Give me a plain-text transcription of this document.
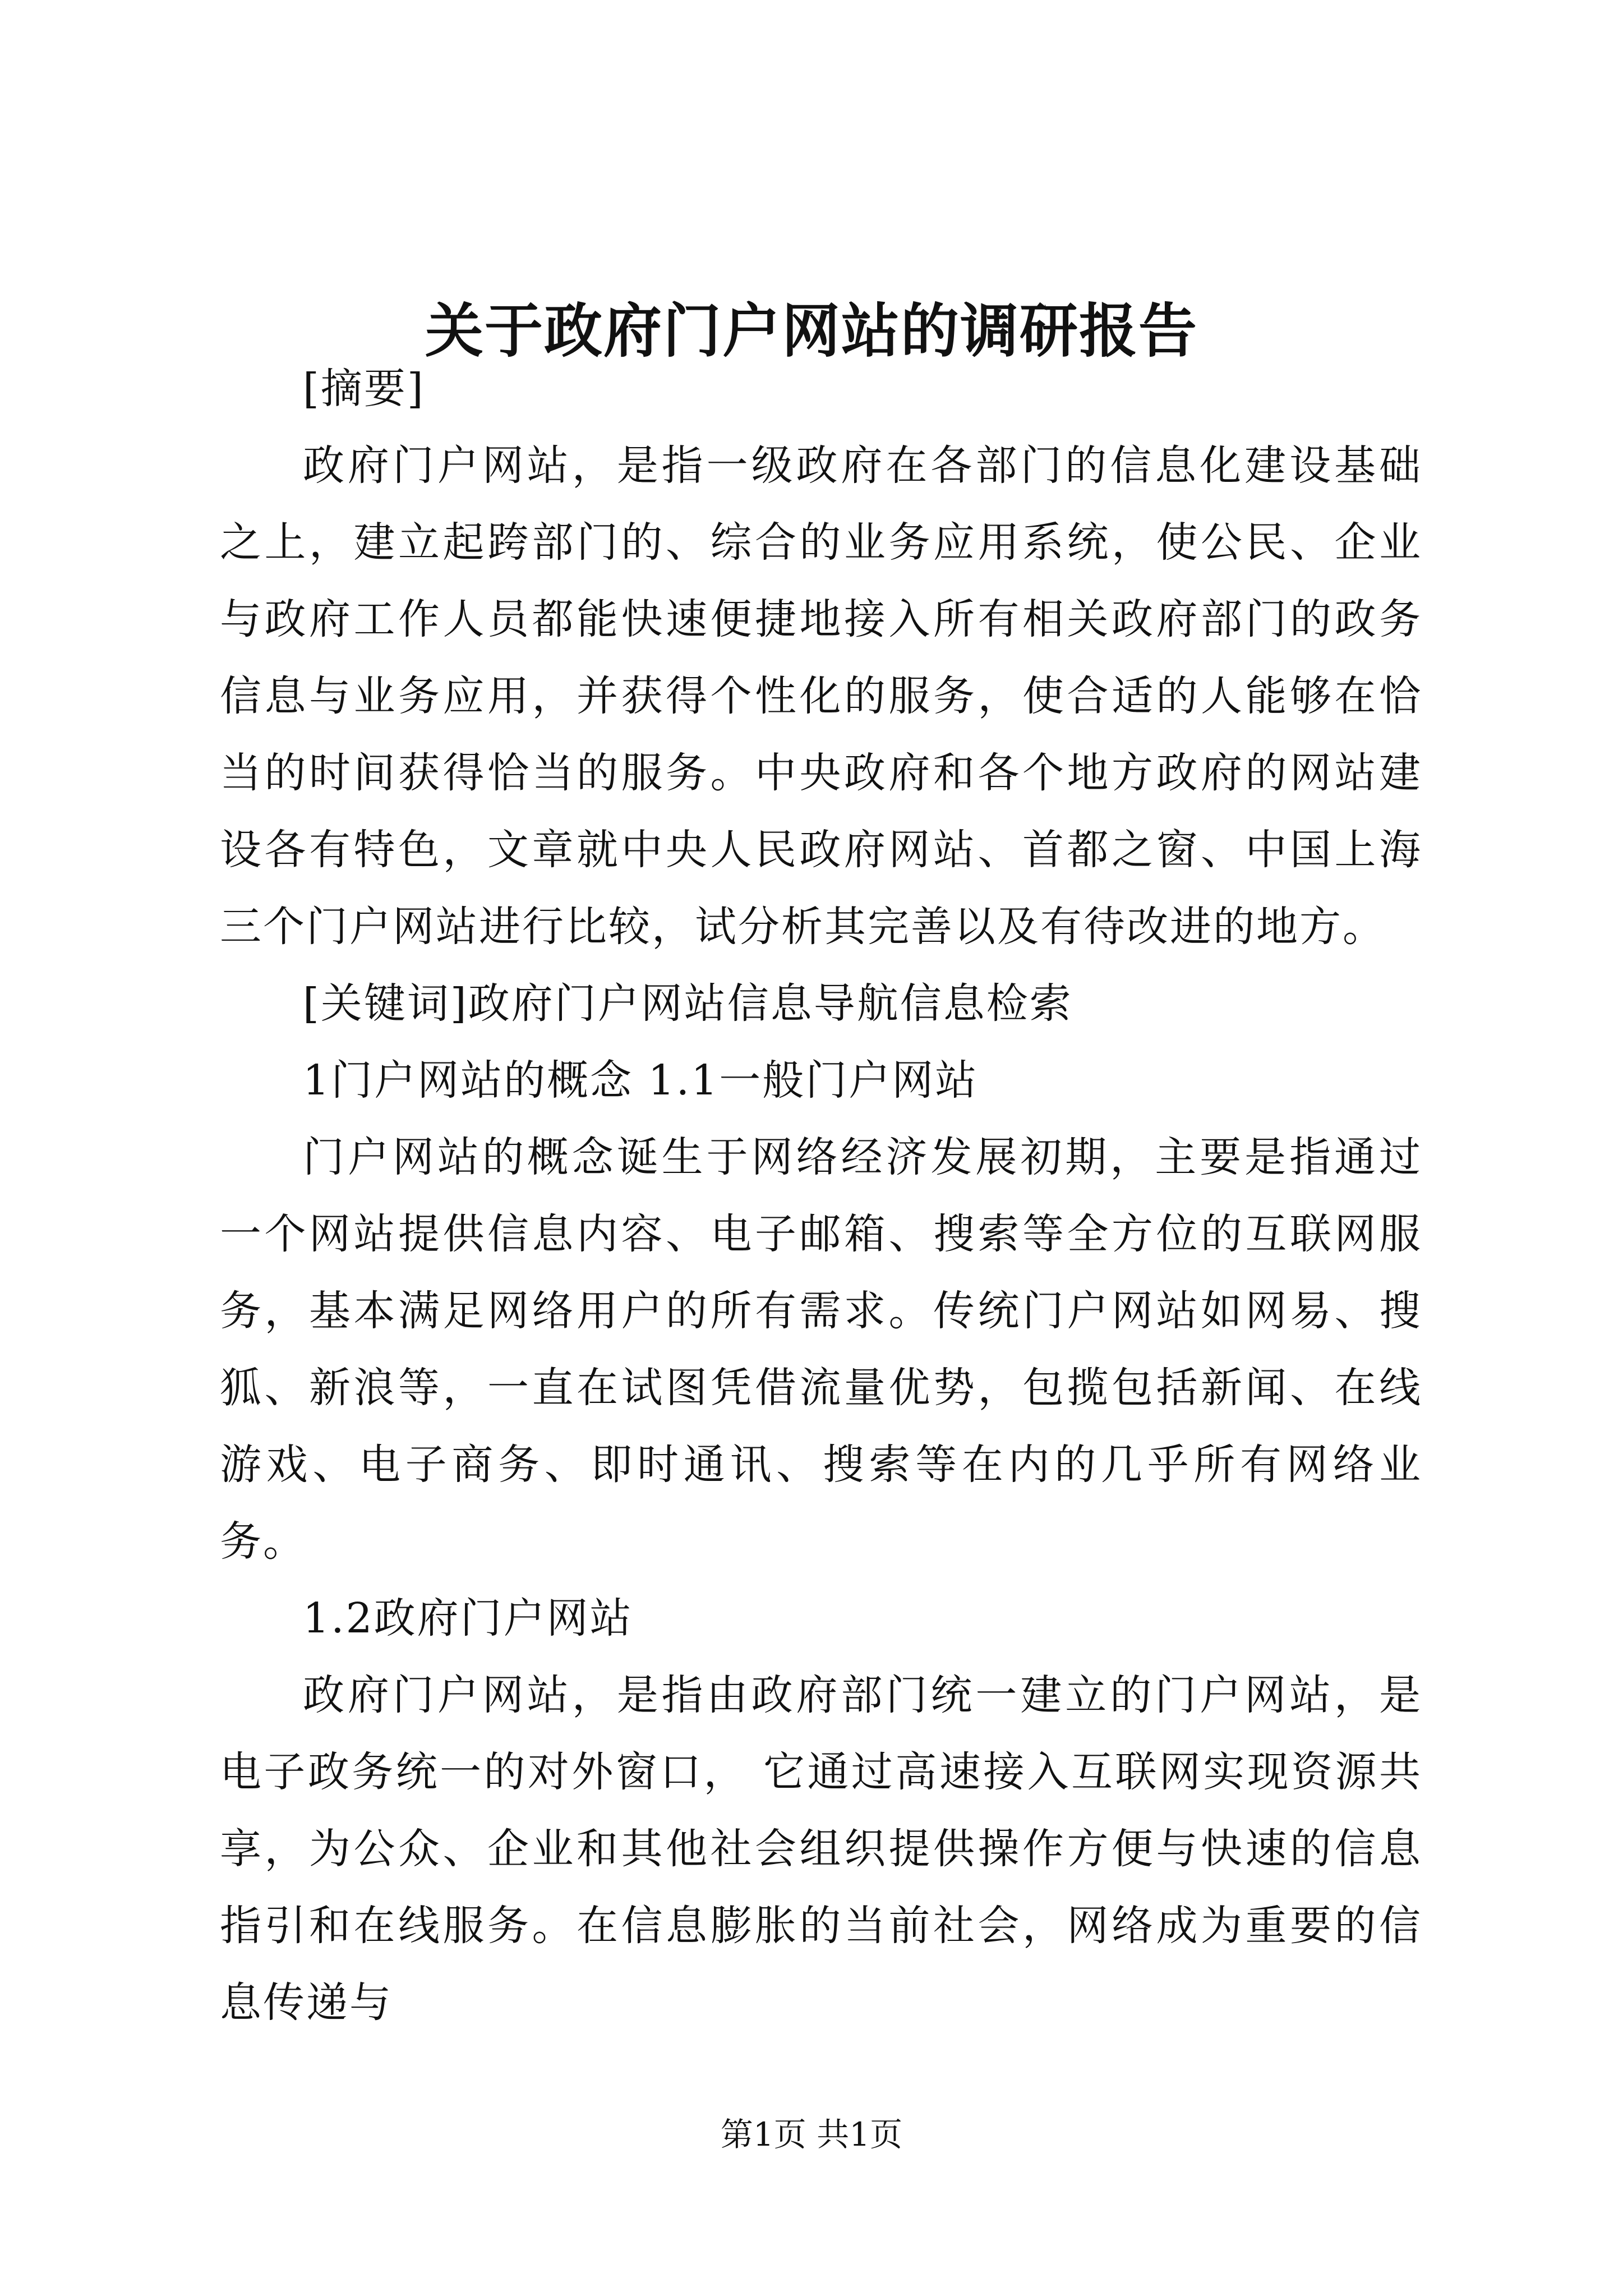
关于政府门户网站的调研报告

[摘要]

政府门户网站，是指一级政府在各部门的信息化建设基础之上，建立起跨部门的、综合的业务应用系统，使公民、企业与政府工作人员都能快速便捷地接入所有相关政府部门的政务信息与业务应用，并获得个性化的服务，使合适的人能够在恰当的时间获得恰当的服务。中央政府和各个地方政府的网站建设各有特色，文章就中央人民政府网站、首都之窗、中国上海三个门户网站进行比较，试分析其完善以及有待改进的地方。

[关键词]政府门户网站信息导航信息检索

1门户网站的概念 1.1一般门户网站

门户网站的概念诞生于网络经济发展初期，主要是指通过一个网站提供信息内容、电子邮箱、搜索等全方位的互联网服务，基本满足网络用户的所有需求。传统门户网站如网易、搜狐、新浪等，一直在试图凭借流量优势，包揽包括新闻、在线游戏、电子商务、即时通讯、搜索等在内的几乎所有网络业务。

1.2政府门户网站

政府门户网站，是指由政府部门统一建立的门户网站，是电子政务统一的对外窗口， 它通过高速接入互联网实现资源共享，为公众、企业和其他社会组织提供操作方便与快速的信息指引和在线服务。在信息膨胀的当前社会，网络成为重要的信息传递与

第1页 共1页
